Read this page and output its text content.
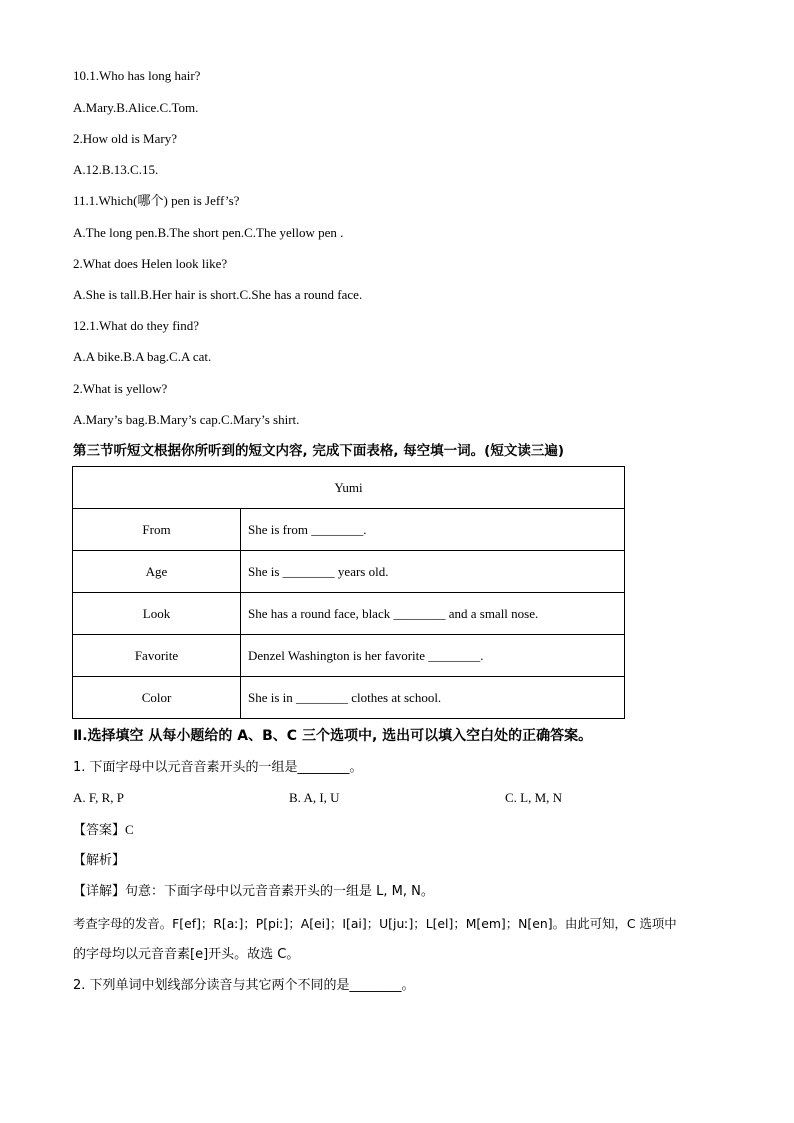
10.1.Who has long hair?
A.Mary.B.Alice.C.Tom.
2.How old is Mary?
A.12.B.13.C.15.
11.1.Which(哪个) pen is Jeff’s?
A.The long pen.B.The short pen.C.The yellow pen .
2.What does Helen look like?
A.She is tall.B.Her hair is short.C.She has a round face.
12.1.What do they find?
A.A bike.B.A bag.C.A cat.
2.What is yellow?
A.Mary’s bag.B.Mary’s cap.C.Mary’s shirt.
第三节听短文根据你所听到的短文内容, 完成下面表格, 每空填一词。(短文读三遍)
Yumi	
From	She is from ________.
Age	She is ________ years old.
Look	She has a round face, black ________ and a small nose.
Favorite	Denzel Washington is her favorite ________.
Color	She is in ________ clothes at school.
Ⅱ.选择填空 从每小题给的 A、B、C 三个选项中, 选出可以填入空白处的正确答案。
1. 下面字母中以元音音素开头的一组是________。
A. F, R, P	B. A, I, U	C. L, M, N
【答案】C
【解析】
【详解】句意：下面字母中以元音音素开头的一组是 L, M, N。
考查字母的发音。F[ef]；R[aː]；P[piː]；A[ei]；I[ai]；U[juː]；L[el]；M[em]；N[en]。由此可知，C 选项中
的字母均以元音音素[e]开头。故选 C。
2. 下列单词中划线部分读音与其它两个不同的是________。
